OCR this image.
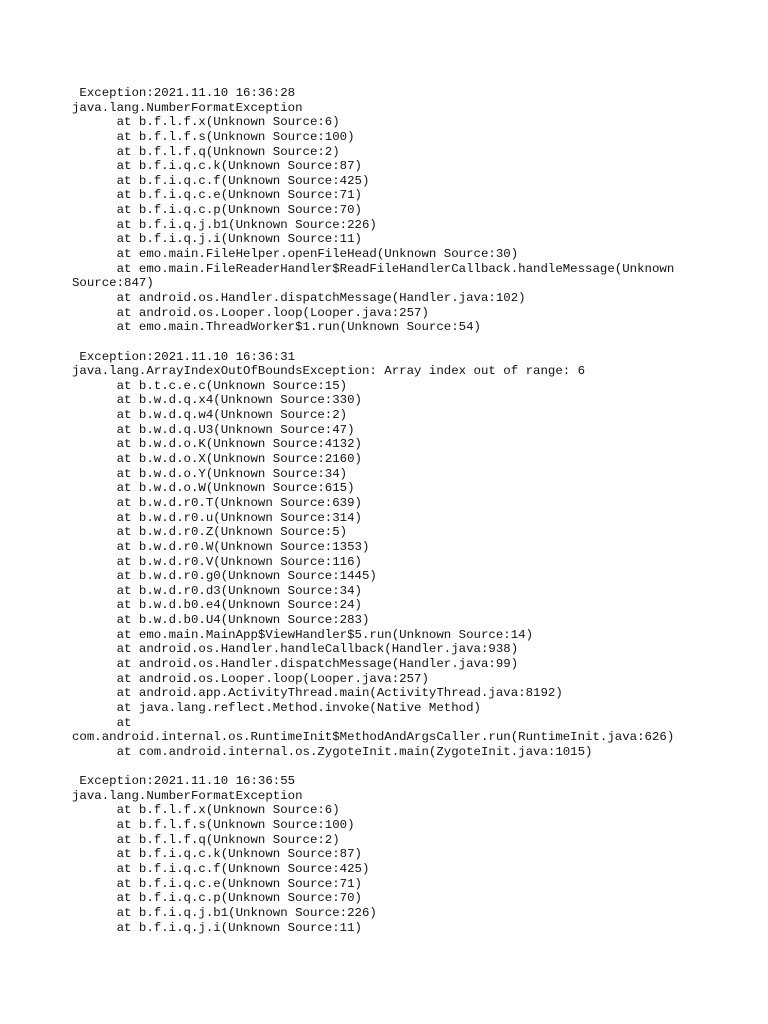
Exception:2021.11.10 16:36:28
java.lang.NumberFormatException
at b.f.l.f.x(Unknown Source:6)
at b.f.l.f.s(Unknown Source:100)
at b.f.l.f.q(Unknown Source:2)
at b.f.i.q.c.k(Unknown Source:87)
at b.f.i.q.c.f(Unknown Source:425)
at b.f.i.q.c.e(Unknown Source:71)
at b.f.i.q.c.p(Unknown Source:70)
at b.f.i.q.j.b1(Unknown Source:226)
at b.f.i.q.j.i(Unknown Source:11)
at emo.main.FileHelper.openFileHead(Unknown Source:30)
at emo.main.FileReaderHandler$ReadFileHandlerCallback.handleMessage(Unknown
Source:847)
at android.os.Handler.dispatchMessage(Handler.java:102)
at android.os.Looper.loop(Looper.java:257)
at emo.main.ThreadWorker$1.run(Unknown Source:54)
Exception:2021.11.10 16:36:31
java.lang.ArrayIndexOutOfBoundsException: Array index out of range: 6
at b.t.c.e.c(Unknown Source:15)
at b.w.d.q.x4(Unknown Source:330)
at b.w.d.q.w4(Unknown Source:2)
at b.w.d.q.U3(Unknown Source:47)
at b.w.d.o.K(Unknown Source:4132)
at b.w.d.o.X(Unknown Source:2160)
at b.w.d.o.Y(Unknown Source:34)
at b.w.d.o.W(Unknown Source:615)
at b.w.d.r0.T(Unknown Source:639)
at b.w.d.r0.u(Unknown Source:314)
at b.w.d.r0.Z(Unknown Source:5)
at b.w.d.r0.W(Unknown Source:1353)
at b.w.d.r0.V(Unknown Source:116)
at b.w.d.r0.g0(Unknown Source:1445)
at b.w.d.r0.d3(Unknown Source:34)
at b.w.d.b0.e4(Unknown Source:24)
at b.w.d.b0.U4(Unknown Source:283)
at emo.main.MainApp$ViewHandler$5.run(Unknown Source:14)
at android.os.Handler.handleCallback(Handler.java:938)
at android.os.Handler.dispatchMessage(Handler.java:99)
at android.os.Looper.loop(Looper.java:257)
at android.app.ActivityThread.main(ActivityThread.java:8192)
at java.lang.reflect.Method.invoke(Native Method)
at
com.android.internal.os.RuntimeInit$MethodAndArgsCaller.run(RuntimeInit.java:626)
at com.android.internal.os.ZygoteInit.main(ZygoteInit.java:1015)
Exception:2021.11.10 16:36:55
java.lang.NumberFormatException
at b.f.l.f.x(Unknown Source:6)
at b.f.l.f.s(Unknown Source:100)
at b.f.l.f.q(Unknown Source:2)
at b.f.i.q.c.k(Unknown Source:87)
at b.f.i.q.c.f(Unknown Source:425)
at b.f.i.q.c.e(Unknown Source:71)
at b.f.i.q.c.p(Unknown Source:70)
at b.f.i.q.j.b1(Unknown Source:226)
at b.f.i.q.j.i(Unknown Source:11)
